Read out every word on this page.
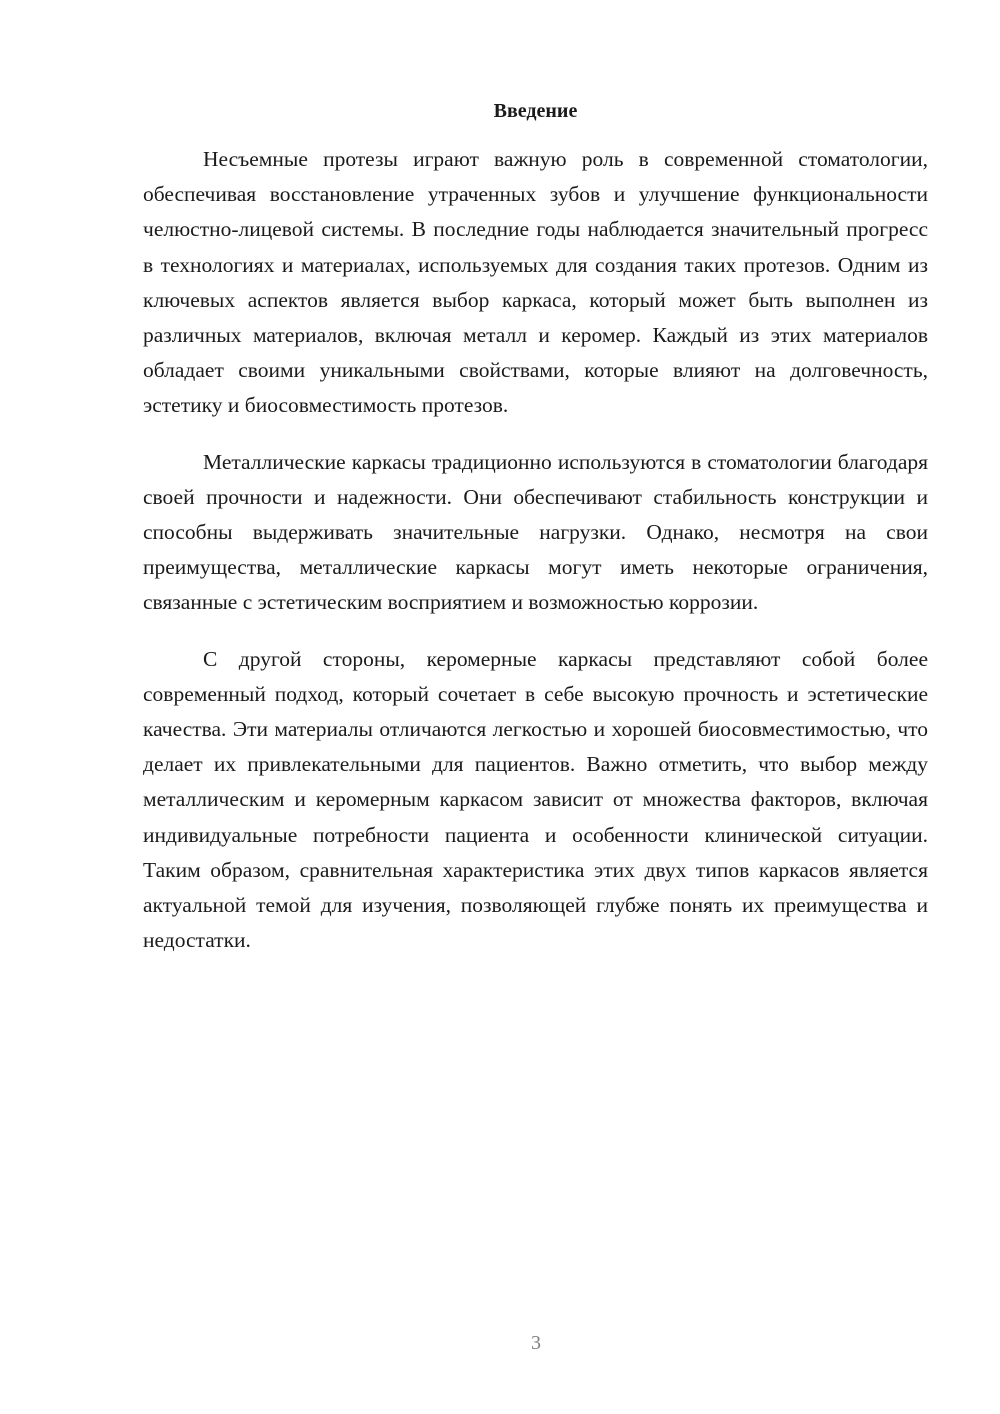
Введение

Несъемные протезы играют важную роль в современной стоматологии, обеспечивая восстановление утраченных зубов и улучшение функциональности челюстно-лицевой системы. В последние годы наблюдается значительный прогресс в технологиях и материалах, используемых для создания таких протезов. Одним из ключевых аспектов является выбор каркаса, который может быть выполнен из различных материалов, включая металл и керомер. Каждый из этих материалов обладает своими уникальными свойствами, которые влияют на долговечность, эстетику и биосовместимость протезов.

Металлические каркасы традиционно используются в стоматологии благодаря своей прочности и надежности. Они обеспечивают стабильность конструкции и способны выдерживать значительные нагрузки. Однако, несмотря на свои преимущества, металлические каркасы могут иметь некоторые ограничения, связанные с эстетическим восприятием и возможностью коррозии.

С другой стороны, керомерные каркасы представляют собой более современный подход, который сочетает в себе высокую прочность и эстетические качества. Эти материалы отличаются легкостью и хорошей биосовместимостью, что делает их привлекательными для пациентов. Важно отметить, что выбор между металлическим и керомерным каркасом зависит от множества факторов, включая индивидуальные потребности пациента и особенности клинической ситуации. Таким образом, сравнительная характеристика этих двух типов каркасов является актуальной темой для изучения, позволяющей глубже понять их преимущества и недостатки.

3
